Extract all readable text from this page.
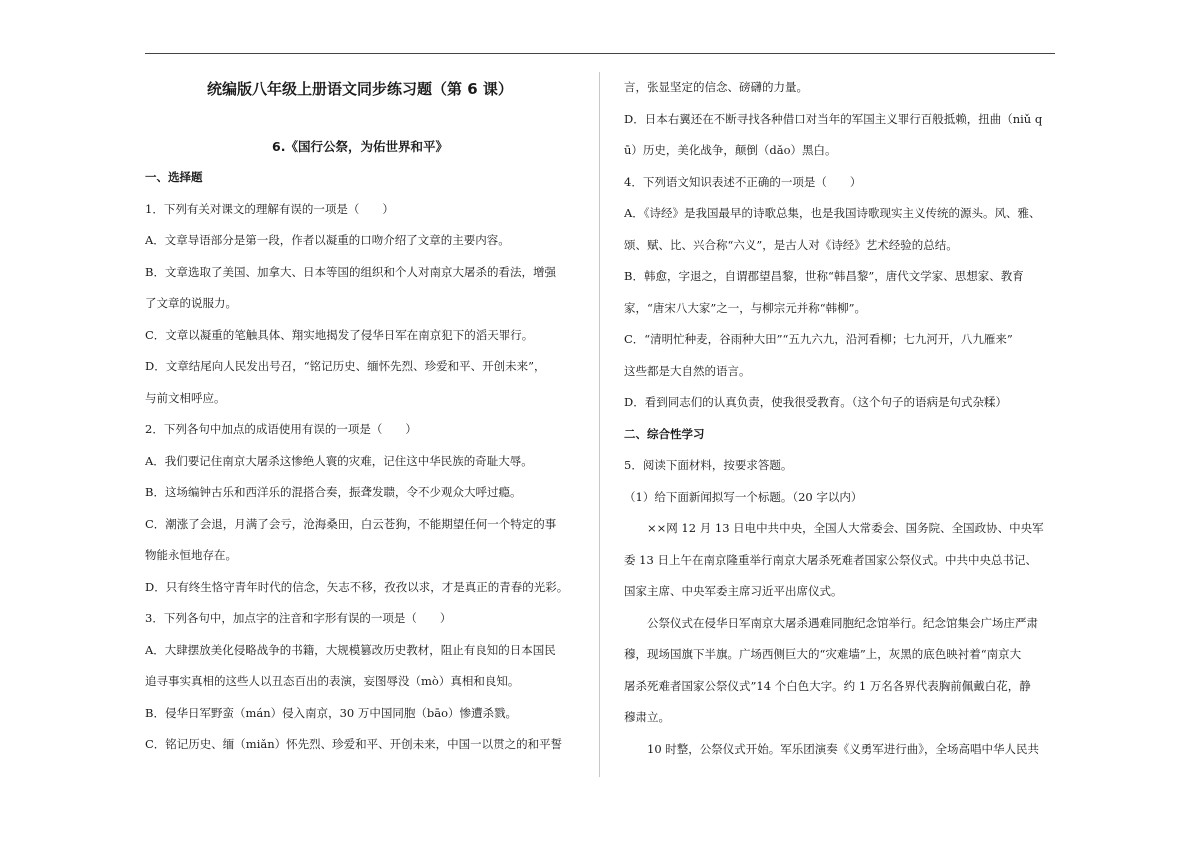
统编版八年级上册语文同步练习题（第 6 课）
6.《国行公祭，为佑世界和平》
一、选择题
1．下列有关对课文的理解有误的一项是（　　）
A．文章导语部分是第一段，作者以凝重的口吻介绍了文章的主要内容。
B．文章选取了美国、加拿大、日本等国的组织和个人对南京大屠杀的看法，增强
了文章的说服力。
C．文章以凝重的笔触具体、翔实地揭发了侵华日军在南京犯下的滔天罪行。
D．文章结尾向人民发出号召，“铭记历史、缅怀先烈、珍爱和平、开创未来”，
与前文相呼应。
2．下列各句中加点的成语使用有误的一项是（　　）
A．我们要记住南京大屠杀这惨绝人寰的灾难，记住这中华民族的奇耻大辱。
B．这场编钟古乐和西洋乐的混搭合奏，振聋发聩，令不少观众大呼过瘾。
C．潮涨了会退，月满了会亏，沧海桑田，白云苍狗，不能期望任何一个特定的事
物能永恒地存在。
D．只有终生恪守青年时代的信念，矢志不移，孜孜以求，才是真正的青春的光彩。
3．下列各句中，加点字的注音和字形有误的一项是（　　）
A．大肆摆放美化侵略战争的书籍，大规模篡改历史教材，阻止有良知的日本国民
追寻事实真相的这些人以丑态百出的表演，妄图辱没（mò）真相和良知。
B．侵华日军野蛮（mán）侵入南京，30 万中国同胞（bāo）惨遭杀戮。
C．铭记历史、缅（miǎn）怀先烈、珍爱和平、开创未来，中国一以贯之的和平誓
言，张显坚定的信念、磅礴的力量。
D．日本右翼还在不断寻找各种借口对当年的军国主义罪行百般抵赖，扭曲（niǔ q
ū）历史，美化战争，颠倒（dǎo）黑白。
4．下列语文知识表述不正确的一项是（　　）
A．《诗经》是我国最早的诗歌总集，也是我国诗歌现实主义传统的源头。风、雅、
颂、赋、比、兴合称“六义”，是古人对《诗经》艺术经验的总结。
B．韩愈，字退之，自谓郡望昌黎，世称“韩昌黎”，唐代文学家、思想家、教育
家，“唐宋八大家”之一，与柳宗元并称“韩柳”。
C．“清明忙种麦，谷雨种大田”“五九六九，沿河看柳；七九河开，八九雁来”
这些都是大自然的语言。
D．看到同志们的认真负责，使我很受教育。（这个句子的语病是句式杂糅）
二、综合性学习
5．阅读下面材料，按要求答题。
（1）给下面新闻拟写一个标题。（20 字以内）
××网 12 月 13 日电中共中央，全国人大常委会、国务院、全国政协、中央军
委 13 日上午在南京隆重举行南京大屠杀死难者国家公祭仪式。中共中央总书记、
国家主席、中央军委主席习近平出席仪式。
公祭仪式在侵华日军南京大屠杀遇难同胞纪念馆举行。纪念馆集会广场庄严肃
穆，现场国旗下半旗。广场西侧巨大的“灾难墙”上，灰黑的底色映衬着“南京大
屠杀死难者国家公祭仪式”14 个白色大字。约 1 万名各界代表胸前佩戴白花，静
穆肃立。
10 时整，公祭仪式开始。军乐团演奏《义勇军进行曲》，全场高唱中华人民共
